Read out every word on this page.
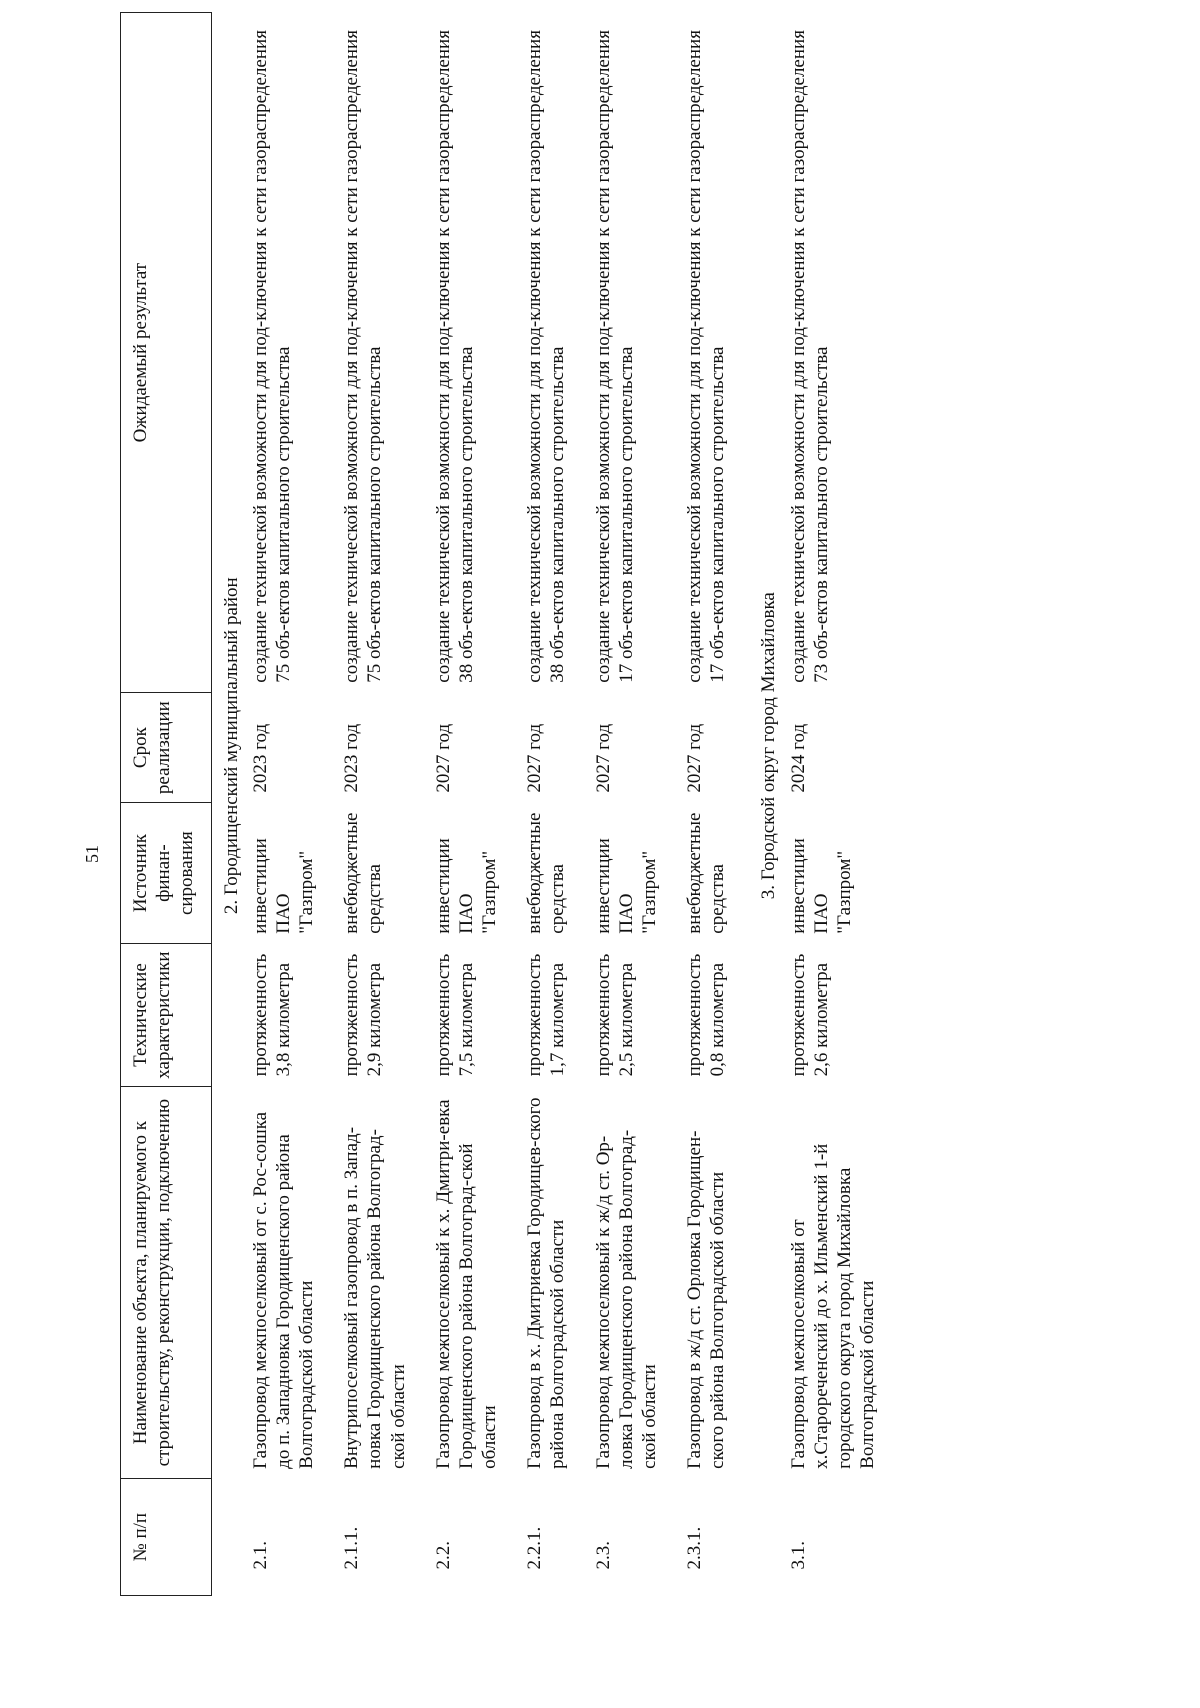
51
№ п/п	Наименование объекта, планируемого к строительству, реконструкции, подключению	Технические характеристики	Источник финан-сирования	Срок реализации	Ожидаемый результат
	2. Городищенский муниципальный район				
2.1.	Газопровод межпоселковый от с. Рос-сошка до п. Западновка Городищенского района Волгоградской области	протяженность 3,8 километра	инвестиции ПАО "Газпром"	2023 год	создание технической возможности для под-ключения к сети газораспределения 75 объ-ектов капитального строительства
2.1.1.	Внутрипоселковый газопровод в п. Запад-новка Городищенского района Волгоград-ской области	протяженность 2,9 километра	внебюджетные средства	2023 год	создание технической возможности для под-ключения к сети газораспределения 75 объ-ектов капитального строительства
2.2.	Газопровод межпоселковый к х. Дмитри-евка Городищенского района Волгоград-ской области	протяженность 7,5 километра	инвестиции ПАО "Газпром"	2027 год	создание технической возможности для под-ключения к сети газораспределения 38 объ-ектов капитального строительства
2.2.1.	Газопровод в х. Дмитриевка Городищев-ского района Волгоградской области	протяженность 1,7 километра	внебюджетные средства	2027 год	создание технической возможности для под-ключения к сети газораспределения 38 объ-ектов капитального строительства
2.3.	Газопровод межпоселковый к ж/д ст. Ор-ловка Городищенского района Волгоград-ской области	протяженность 2,5 километра	инвестиции ПАО "Газпром"	2027 год	создание технической возможности для под-ключения к сети газораспределения 17 объ-ектов капитального строительства
2.3.1.	Газопровод в ж/д ст. Орловка Городищен-ского района Волгоградской области	протяженность 0,8 километра	внебюджетные средства	2027 год	создание технической возможности для под-ключения к сети газораспределения 17 объ-ектов капитального строительства
	3. Городской округ город Михайловка				
3.1.	Газопровод межпоселковый от х.Старореченский до х. Ильменский 1-й городского округа город Михайловка Волгоградской области	протяженность 2,6 километра	инвестиции ПАО "Газпром"	2024 год	создание технической возможности для под-ключения к сети газораспределения 73 объ-ектов капитального строительства
